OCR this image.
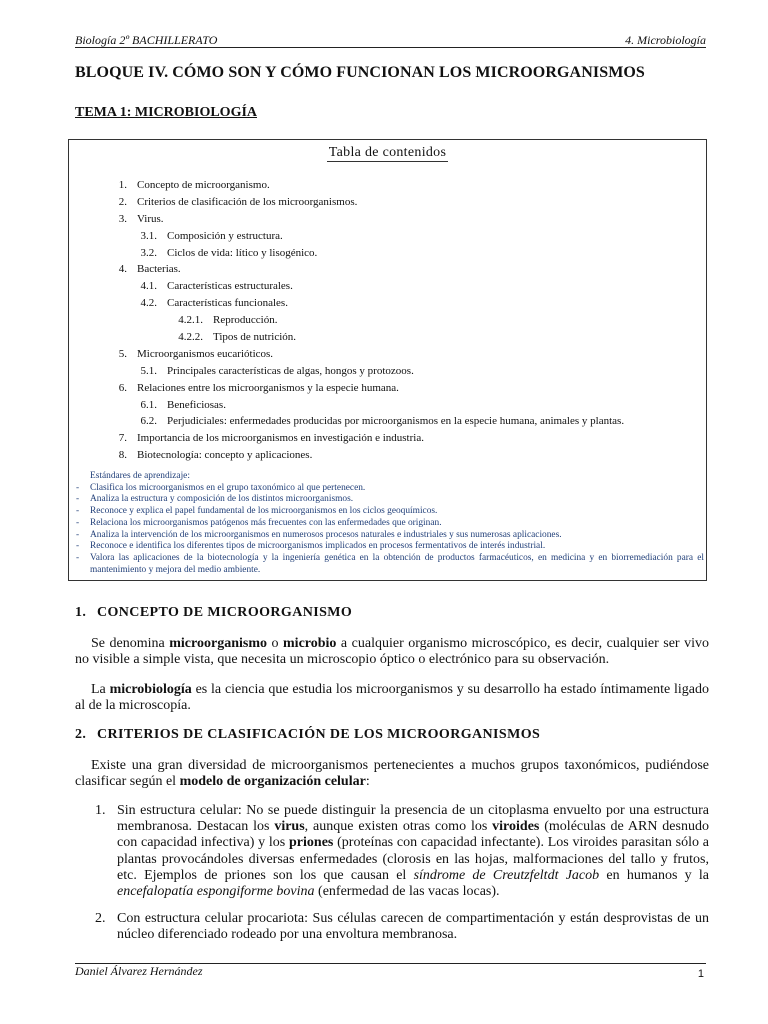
Biología 2º BACHILLERATO	4. Microbiología
BLOQUE IV. CÓMO SON Y CÓMO FUNCIONAN LOS MICROORGANISMOS
TEMA 1: MICROBIOLOGÍA
Tabla de contenidos
1. Concepto de microorganismo.
2. Criterios de clasificación de los microorganismos.
3. Virus.
3.1. Composición y estructura.
3.2. Ciclos de vida: lítico y lisogénico.
4. Bacterias.
4.1. Características estructurales.
4.2. Características funcionales.
4.2.1. Reproducción.
4.2.2. Tipos de nutrición.
5. Microorganismos eucarióticos.
5.1. Principales características de algas, hongos y protozoos.
6. Relaciones entre los microorganismos y la especie humana.
6.1. Beneficiosas.
6.2. Perjudiciales: enfermedades producidas por microorganismos en la especie humana, animales y plantas.
7. Importancia de los microorganismos en investigación e industria.
8. Biotecnología: concepto y aplicaciones.
Estándares de aprendizaje:
- Clasifica los microorganismos en el grupo taxonómico al que pertenecen.
- Analiza la estructura y composición de los distintos microorganismos.
- Reconoce y explica el papel fundamental de los microorganismos en los ciclos geoquímicos.
- Relaciona los microorganismos patógenos más frecuentes con las enfermedades que originan.
- Analiza la intervención de los microorganismos en numerosos procesos naturales e industriales y sus numerosas aplicaciones.
- Reconoce e identifica los diferentes tipos de microorganismos implicados en procesos fermentativos de interés industrial.
- Valora las aplicaciones de la biotecnología y la ingeniería genética en la obtención de productos farmacéuticos, en medicina y en biorremediación para el mantenimiento y mejora del medio ambiente.
1. CONCEPTO DE MICROORGANISMO
Se denomina microorganismo o microbio a cualquier organismo microscópico, es decir, cualquier ser vivo no visible a simple vista, que necesita un microscopio óptico o electrónico para su observación.
La microbiología es la ciencia que estudia los microorganismos y su desarrollo ha estado íntimamente ligado al de la microscopía.
2. CRITERIOS DE CLASIFICACIÓN DE LOS MICROORGANISMOS
Existe una gran diversidad de microorganismos pertenecientes a muchos grupos taxonómicos, pudiéndose clasificar según el modelo de organización celular:
1. Sin estructura celular: No se puede distinguir la presencia de un citoplasma envuelto por una estructura membranosa. Destacan los virus, aunque existen otras como los viroides (moléculas de ARN desnudo con capacidad infectiva) y los priones (proteínas con capacidad infectante). Los viroides parasitan sólo a plantas provocándoles diversas enfermedades (clorosis en las hojas, malformaciones del tallo y frutos, etc. Ejemplos de priones son los que causan el síndrome de Creutzfeltdt Jacob en humanos y la encefalopatía espongiforme bovina (enfermedad de las vacas locas).
2. Con estructura celular procariota: Sus células carecen de compartimentación y están desprovistas de un núcleo diferenciado rodeado por una envoltura membranosa.
Daniel Álvarez Hernández	1
